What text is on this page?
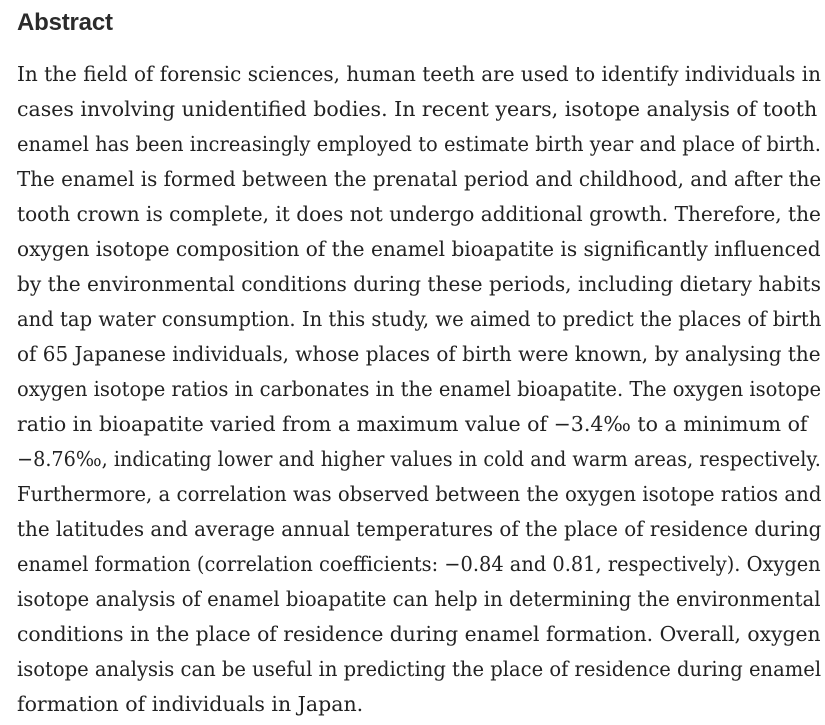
Abstract

In the field of forensic sciences, human teeth are used to identify individuals in
cases involving unidentified bodies. In recent years, isotope analysis of tooth
enamel has been increasingly employed to estimate birth year and place of birth.
The enamel is formed between the prenatal period and childhood, and after the
tooth crown is complete, it does not undergo additional growth. Therefore, the
oxygen isotope composition of the enamel bioapatite is significantly influenced
by the environmental conditions during these periods, including dietary habits
and tap water consumption. In this study, we aimed to predict the places of birth
of 65 Japanese individuals, whose places of birth were known, by analysing the
oxygen isotope ratios in carbonates in the enamel bioapatite. The oxygen isotope
ratio in bioapatite varied from a maximum value of −3.4‰ to a minimum of
−8.76‰, indicating lower and higher values in cold and warm areas, respectively.
Furthermore, a correlation was observed between the oxygen isotope ratios and
the latitudes and average annual temperatures of the place of residence during
enamel formation (correlation coefficients: −0.84 and 0.81, respectively). Oxygen
isotope analysis of enamel bioapatite can help in determining the environmental
conditions in the place of residence during enamel formation. Overall, oxygen
isotope analysis can be useful in predicting the place of residence during enamel
formation of individuals in Japan.
